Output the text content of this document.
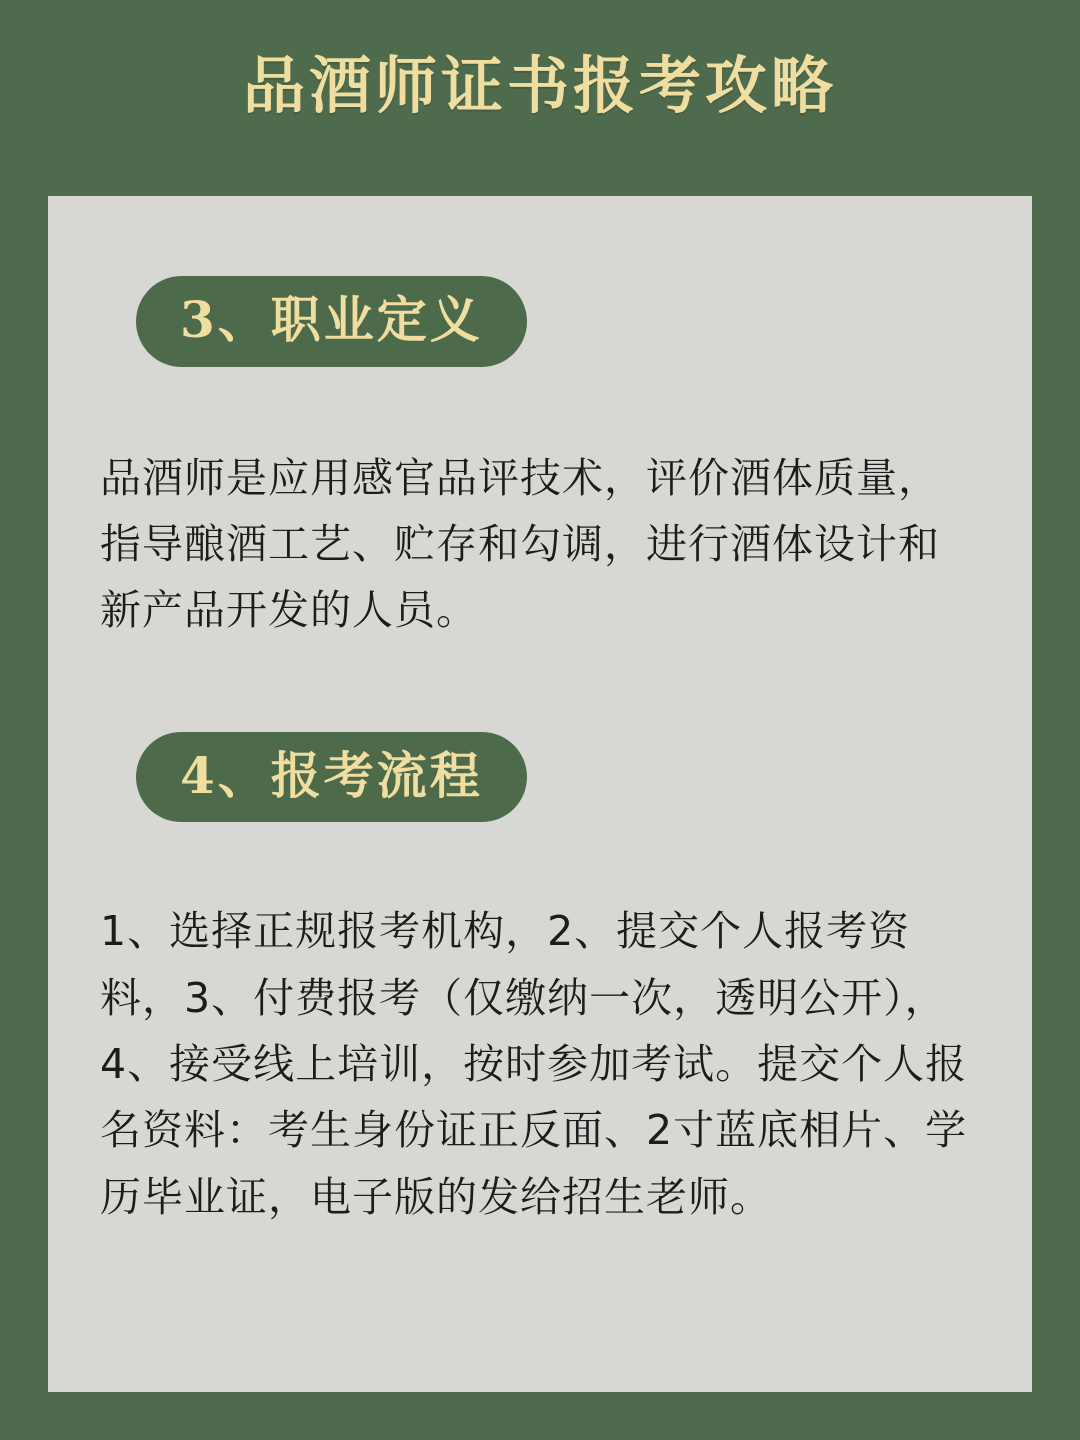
品酒师证书报考攻略
3、职业定义

品酒师是应用感官品评技术，评价酒体质量，指导酿酒工艺、贮存和勾调，进行酒体设计和新产品开发的人员。

4、报考流程

1、选择正规报考机构，2、提交个人报考资料，3、付费报考（仅缴纳一次，透明公开），4、接受线上培训，按时参加考试。提交个人报名资料：考生身份证正反面、2寸蓝底相片、学历毕业证，电子版的发给招生老师。
